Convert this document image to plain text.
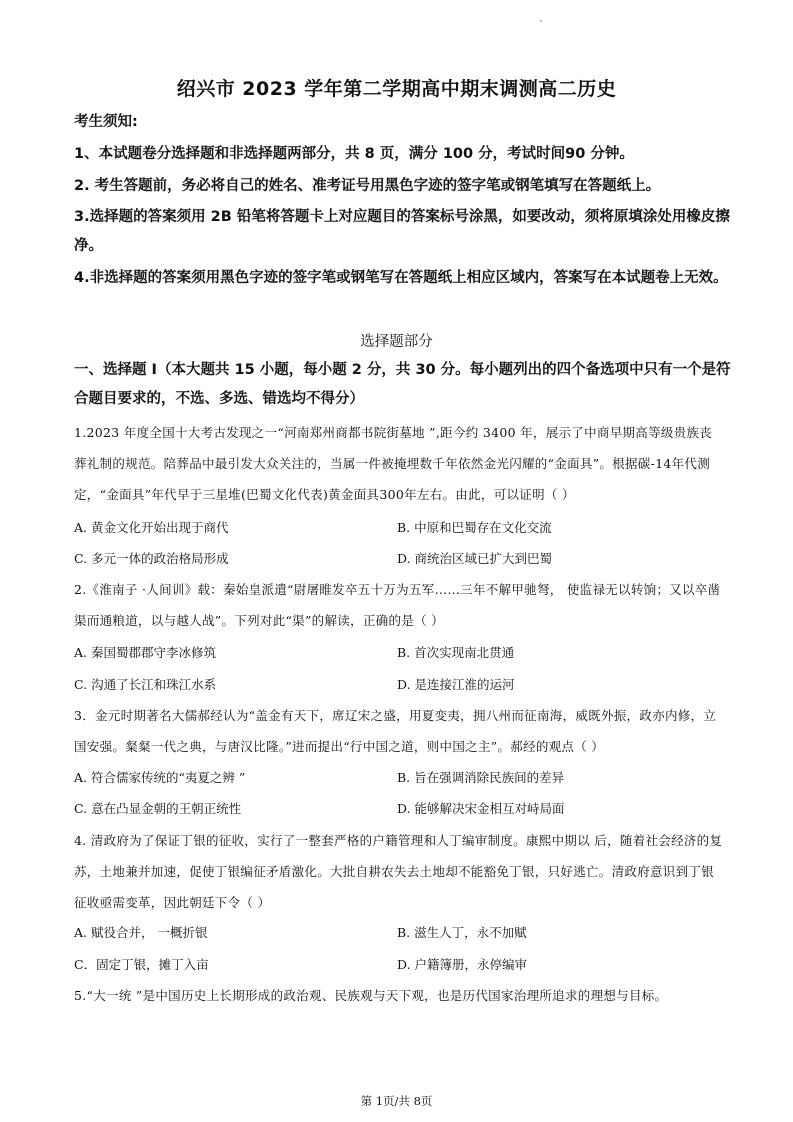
绍兴市 2023 学年第二学期高中期末调测高二历史

考生须知:

1、本试题卷分选择题和非选择题两部分，共 8 页，满分 100 分，考试时间90 分钟。

2. 考生答题前，务必将自己的姓名、准考证号用黑色字迹的签字笔或钢笔填写在答题纸上。

3.选择题的答案须用 2B 铅笔将答题卡上对应题目的答案标号涂黑，如要改动，须将原填涂处用橡皮擦净。

4.非选择题的答案须用黑色字迹的签字笔或钢笔写在答题纸上相应区域内，答案写在本试题卷上无效。

选择题部分
一、选择题 I（本大题共 15 小题，每小题 2 分，共 30 分。每小题列出的四个备选项中只有一个是符合题目要求的，不选、多选、错选均不得分）
1.2023 年度全国十大考古发现之一“河南郑州商都书院街墓地 ”,距今约 3400 年，展示了中商早期高等级贵族丧葬礼制的规范。陪葬品中最引发大众关注的，当属一件被掩埋数千年依然金光闪耀的“金面具”。根据碳-14年代测定，“金面具”年代早于三星堆(巴蜀文化代表)黄金面具300年左右。由此，可以证明（ ）
A. 黄金文化开始出现于商代	B. 中原和巴蜀存在文化交流
C. 多元一体的政治格局形成	D. 商统治区域已扩大到巴蜀
2.《淮南子 ·人间训》载：秦始皇派遣“尉屠睢发卒五十万为五军……三年不解甲驰弩， 使监禄无以转饷；又以卒凿渠而通粮道，以与越人战”。下列对此“渠”的解读，正确的是（ ）
A. 秦国蜀郡郡守李冰修筑	B. 首次实现南北贯通
C. 沟通了长江和珠江水系	D. 是连接江淮的运河
3．金元时期著名大儒郝经认为“盖金有天下，席辽宋之盛，用夏变夷，拥八州而征南海，威既外振，政亦内修，立国安强。粲粲一代之典，与唐汉比隆。”进而提出“行中国之道，则中国之主”。郝经的观点（ ）
A. 符合儒家传统的“夷夏之辨 ”	B. 旨在强调消除民族间的差异
C. 意在凸显金朝的王朝正统性	D. 能够解决宋金相互对峙局面
4. 清政府为了保证丁银的征收，实行了一整套严格的户籍管理和人丁编审制度。康熙中期以 后，随着社会经济的复苏，土地兼并加速，促使丁银编征矛盾激化。大批自耕农失去土地却不能豁免丁银，只好逃亡。清政府意识到丁银征收亟需变革，因此朝廷下令（ ）
A. 赋役合并， 一概折银	B. 滋生人丁，永不加赋
C．固定丁银，摊丁入亩	D. 户籍簿册，永停编审
5.“大一统 ”是中国历史上长期形成的政治观、民族观与天下观，也是历代国家治理所追求的理想与目标。
第 1页/共 8页
